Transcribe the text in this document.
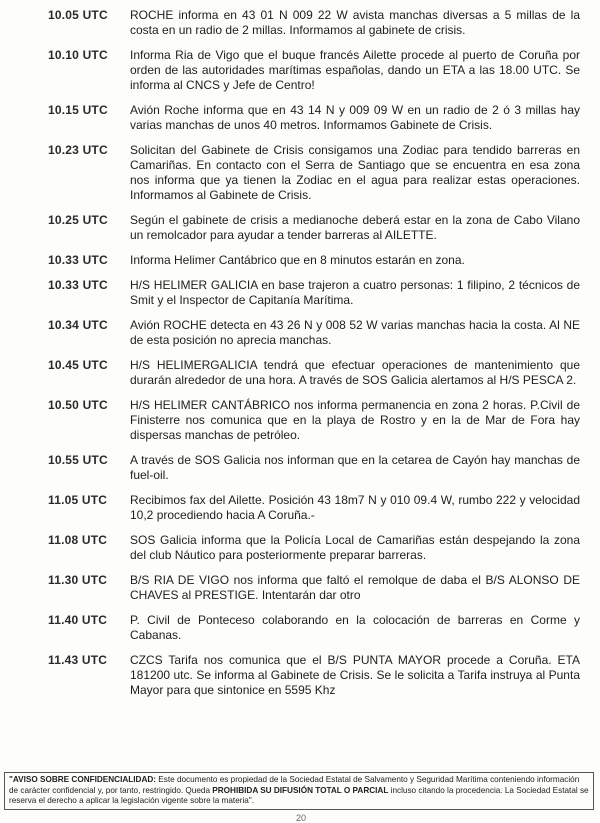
10.05 UTC ROCHE informa en 43 01 N 009 22 W avista manchas diversas a 5 millas de la costa en un radio de 2 millas. Informamos al gabinete de crisis.
10.10 UTC Informa Ria de Vigo que el buque francés Ailette procede al puerto de Coruña por orden de las autoridades marítimas españolas, dando un ETA a las 18.00 UTC. Se informa al CNCS y Jefe de Centro!
10.15 UTC Avión Roche informa que en 43 14 N y 009 09 W en un radio de 2 ó 3 millas hay varias manchas de unos 40 metros. Informamos Gabinete de Crisis.
10.23 UTC Solicitan del Gabinete de Crisis consigamos una Zodiac para tendido barreras en Camariñas. En contacto con el Serra de Santiago que se encuentra en esa zona nos informa que ya tienen la Zodiac en el agua para realizar estas operaciones. Informamos al Gabinete de Crisis.
10.25 UTC Según el gabinete de crisis a medianoche deberá estar en la zona de Cabo Vilano un remolcador para ayudar a tender barreras al AILETTE.
10.33 UTC Informa Helimer Cantábrico que en 8 minutos estarán en zona.
10.33 UTC H/S HELIMER GALICIA en base trajeron a cuatro personas: 1 filipino, 2 técnicos de Smit y el Inspector de Capitanía Marítima.
10.34 UTC Avión ROCHE detecta en 43 26 N y 008 52 W varias manchas hacia la costa. Al NE de esta posición no aprecia manchas.
10.45 UTC H/S HELIMERGALICIA tendrá que efectuar operaciones de mantenimiento que durarán alrededor de una hora. A través de SOS Galicia alertamos al H/S PESCA 2.
10.50 UTC H/S HELIMER CANTÁBRICO nos informa permanencia en zona 2 horas. P.Civil de Finisterre nos comunica que en la playa de Rostro y en la de Mar de Fora hay dispersas manchas de petróleo.
10.55 UTC A través de SOS Galicia nos informan que en la cetarea de Cayón hay manchas de fuel-oil.
11.05 UTC Recibimos fax del Ailette. Posición 43 18m7 N y 010 09.4 W, rumbo 222 y velocidad 10,2 procediendo hacia A Coruña.-
11.08 UTC SOS Galicia informa que la Policía Local de Camariñas están despejando la zona del club Náutico para posteriormente preparar barreras.
11.30 UTC B/S RIA DE VIGO nos informa que faltó el remolque de daba el B/S ALONSO DE CHAVES al PRESTIGE. Intentarán dar otro
11.40 UTC P. Civil de Ponteceso colaborando en la colocación de barreras en Corme y Cabanas.
11.43 UTC CZCS Tarifa nos comunica que el B/S PUNTA MAYOR procede a Coruña. ETA 181200 utc. Se informa al Gabinete de Crisis. Se le solicita a Tarifa instruya al Punta Mayor para que sintonice en 5595 Khz
"AVISO SOBRE CONFIDENCIALIDAD: Este documento es propiedad de la Sociedad Estatal de Salvamento y Seguridad Marítima conteniendo información de carácter confidencial y, por tanto, restringido. Queda PROHIBIDA SU DIFUSIÓN TOTAL O PARCIAL incluso citando la procedencia. La Sociedad Estatal se reserva el derecho a aplicar la legislación vigente sobre la materia".
20
